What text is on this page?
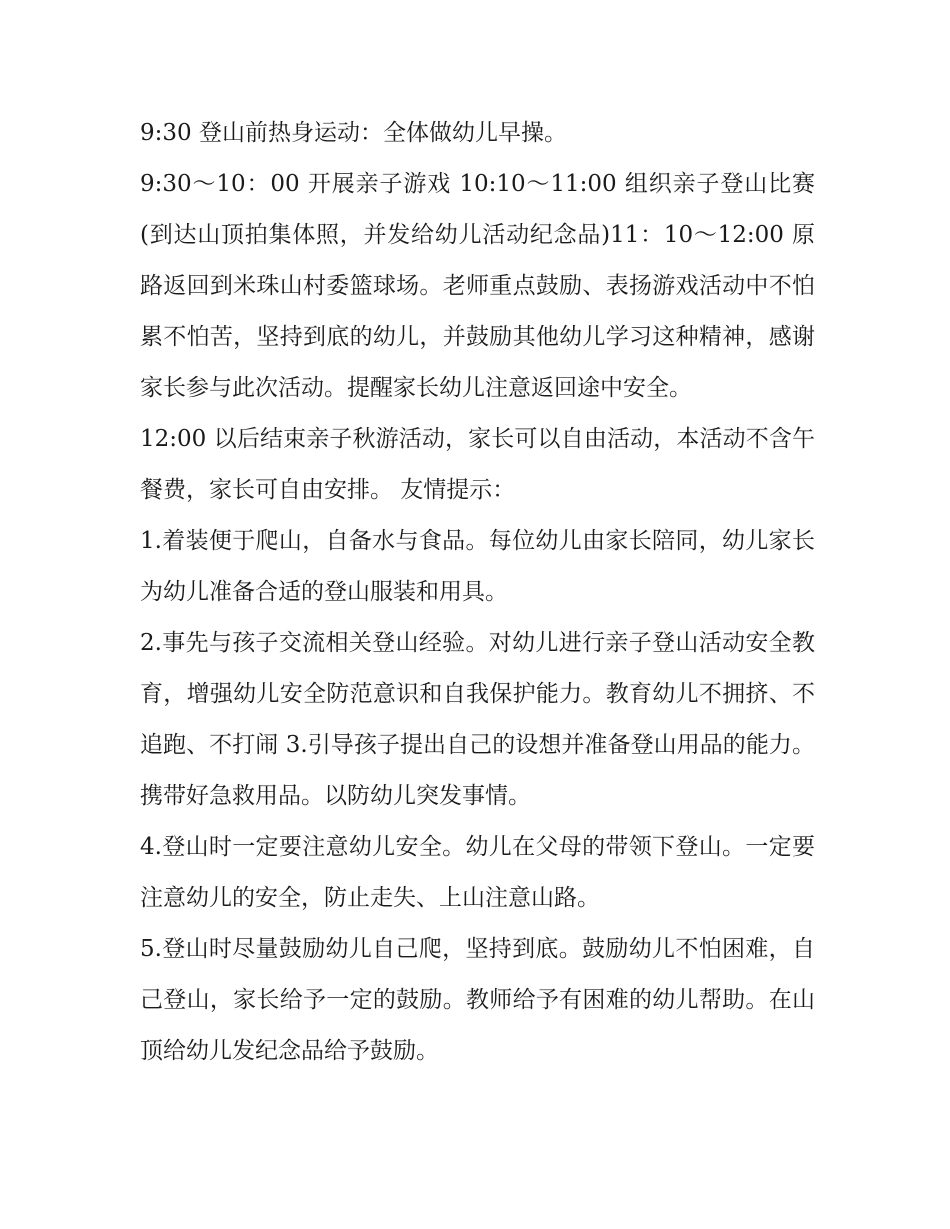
9:30 登山前热身运动：全体做幼儿早操。

9:30～10：00 开展亲子游戏 10:10～11:00 组织亲子登山比赛(到达山顶拍集体照，并发给幼儿活动纪念品)11：10～12:00 原路返回到米珠山村委篮球场。老师重点鼓励、表扬游戏活动中不怕累不怕苦，坚持到底的幼儿，并鼓励其他幼儿学习这种精神，感谢家长参与此次活动。提醒家长幼儿注意返回途中安全。

12:00 以后结束亲子秋游活动，家长可以自由活动，本活动不含午餐费，家长可自由安排。 友情提示：

1.着装便于爬山，自备水与食品。每位幼儿由家长陪同，幼儿家长为幼儿准备合适的登山服装和用具。

2.事先与孩子交流相关登山经验。对幼儿进行亲子登山活动安全教育，增强幼儿安全防范意识和自我保护能力。教育幼儿不拥挤、不追跑、不打闹 3.引导孩子提出自己的设想并准备登山用品的能力。携带好急救用品。以防幼儿突发事情。

4.登山时一定要注意幼儿安全。幼儿在父母的带领下登山。一定要注意幼儿的安全，防止走失、上山注意山路。

5.登山时尽量鼓励幼儿自己爬，坚持到底。鼓励幼儿不怕困难，自己登山，家长给予一定的鼓励。教师给予有困难的幼儿帮助。在山顶给幼儿发纪念品给予鼓励。
